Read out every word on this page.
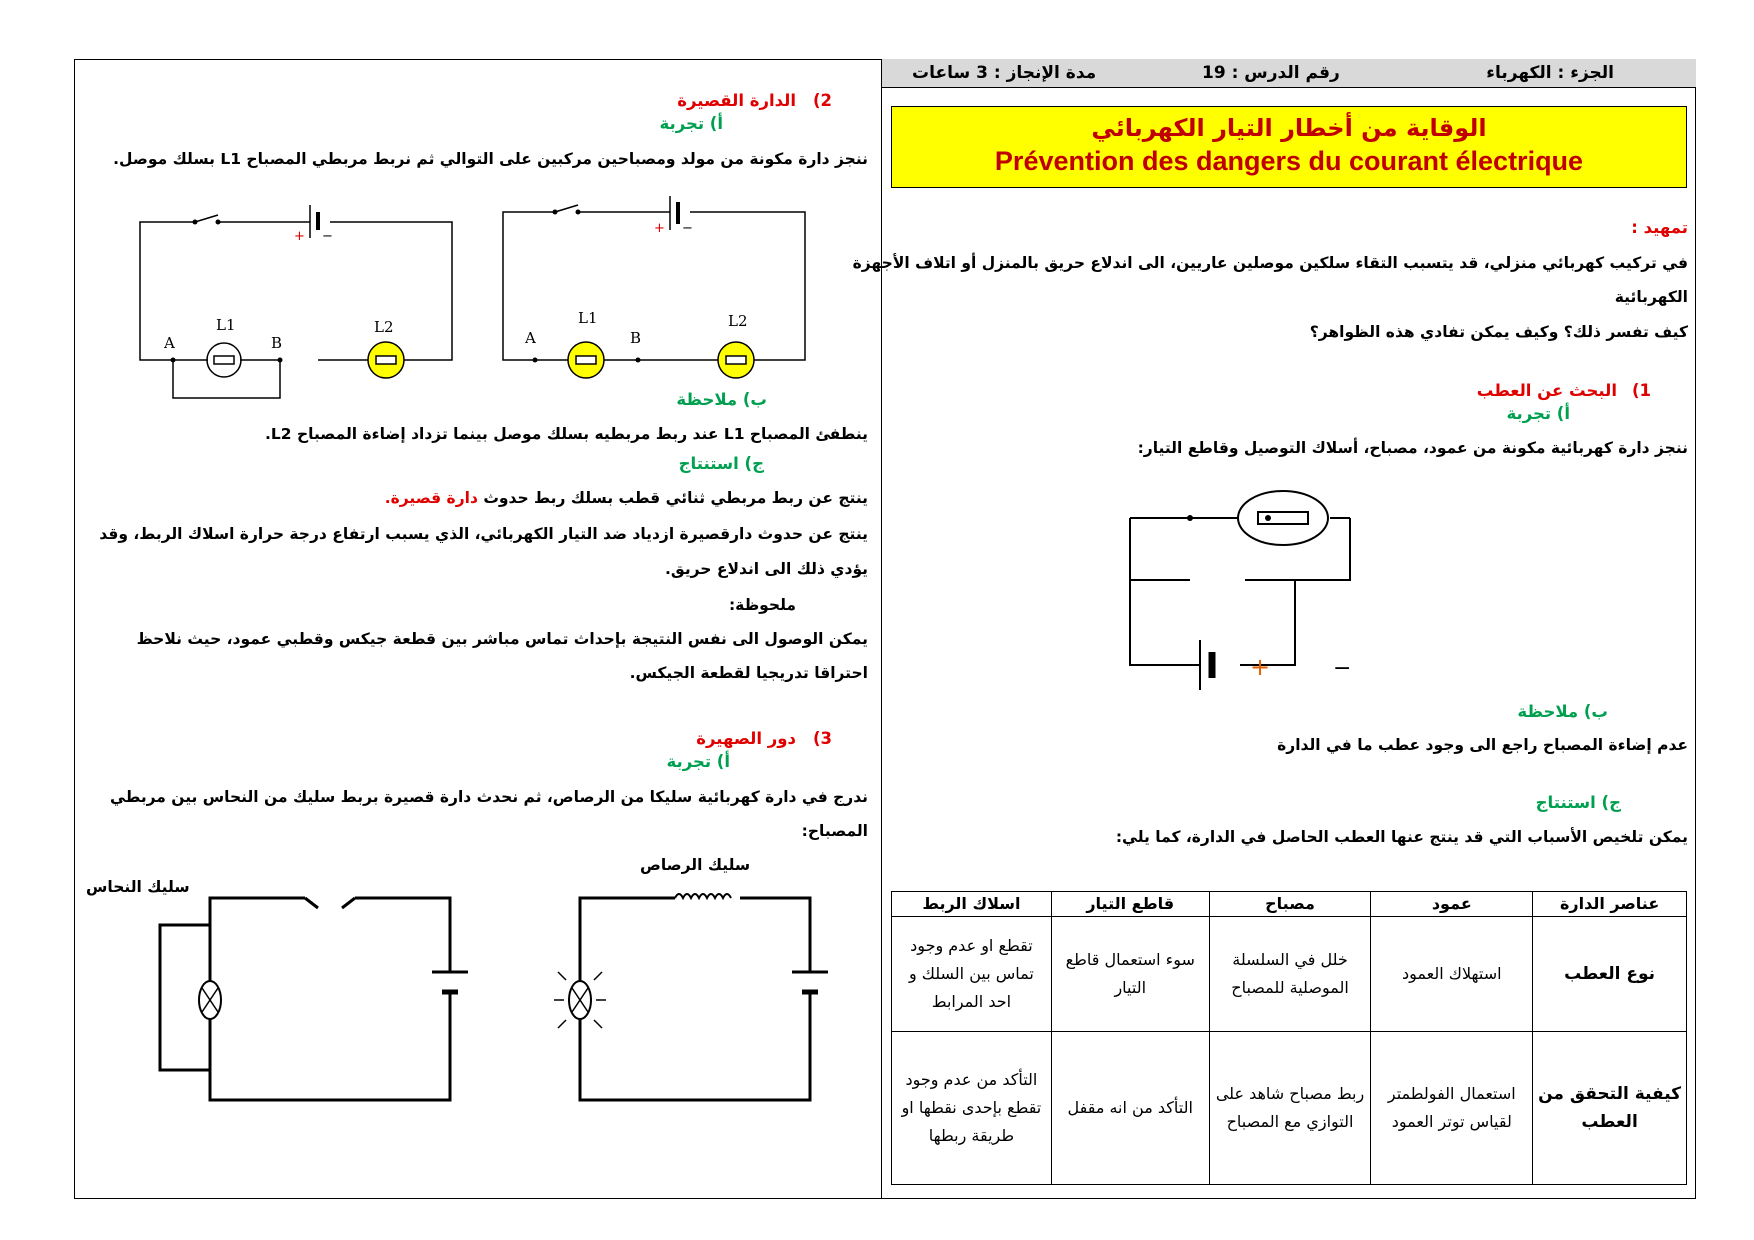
الجزء : الكهرباء
رقم الدرس : 19
مدة الإنجاز : 3 ساعات
الوقاية من أخطار التيار الكهربائي
Prévention des dangers du courant électrique
تمهيد :
في تركيب كهربائي منزلي، قد يتسبب التقاء سلكين موصلين عاريين، الى اندلاع حريق بالمنزل أو اتلاف الأجهزة
الكهربائية
كيف تفسر ذلك؟ وكيف يمكن تفادي هذه الظواهر؟
1)
البحث عن العطب
أ) تجربة
ننجز دارة كهربائية مكونة من عمود، مصباح، أسلاك التوصيل وقاطع التيار:
+	−
ب) ملاحظة
عدم إضاءة المصباح راجع الى وجود عطب ما في الدارة
ج) استنتاج
يمكن تلخيص الأسباب التي قد ينتج عنها العطب الحاصل في الدارة، كما يلي:
عناصر الدارة	عمود	مصباح	قاطع التيار	اسلاك الربط
نوع العطب	استهلاك العمود	خلل في السلسلة الموصلية للمصباح	سوء استعمال قاطع التيار	تقطع او عدم وجود تماس بين السلك و احد المرابط
كيفية التحقق من العطب	استعمال الفولطمتر لقياس توتر العمود	ربط مصباح شاهد على التوازي مع المصباح	التأكد من انه مقفل	التأكد من عدم وجود تقطع بإحدى نقطها او طريقة ربطها
2)
الدارة القصيرة
أ) تجربة
ننجز دارة مكونة من مولد ومصباحين مركبين على التوالي ثم نربط مربطي المصباح L1 بسلك موصل.
A	B
L1	L2
A	B
L1	L2
+ −
+ −
ب) ملاحظة
ينطفئ المصباح L1 عند ربط مربطيه بسلك موصل بينما تزداد إضاءة المصباح L2.
ج) استنتاج
ينتج عن ربط مربطي ثنائي قطب بسلك ربط حدوث دارة قصيرة.
ينتج عن حدوث دارقصيرة ازدياد ضد التيار الكهربائي، الذي يسبب ارتفاع درجة حرارة اسلاك الربط، وقد
يؤدي ذلك الى اندلاع حريق.
ملحوظة:
يمكن الوصول الى نفس النتيجة بإحداث تماس مباشر بين قطعة جيكس وقطبي عمود، حيث نلاحظ
احتراقا تدريجيا لقطعة الجيكس.
3)
دور الصهيرة
أ) تجربة
ندرج في دارة كهربائية سليكا من الرصاص، ثم نحدث دارة قصيرة بربط سليك من النحاس بين مربطي
المصباح:
سليك الرصاص
سليك النحاس
